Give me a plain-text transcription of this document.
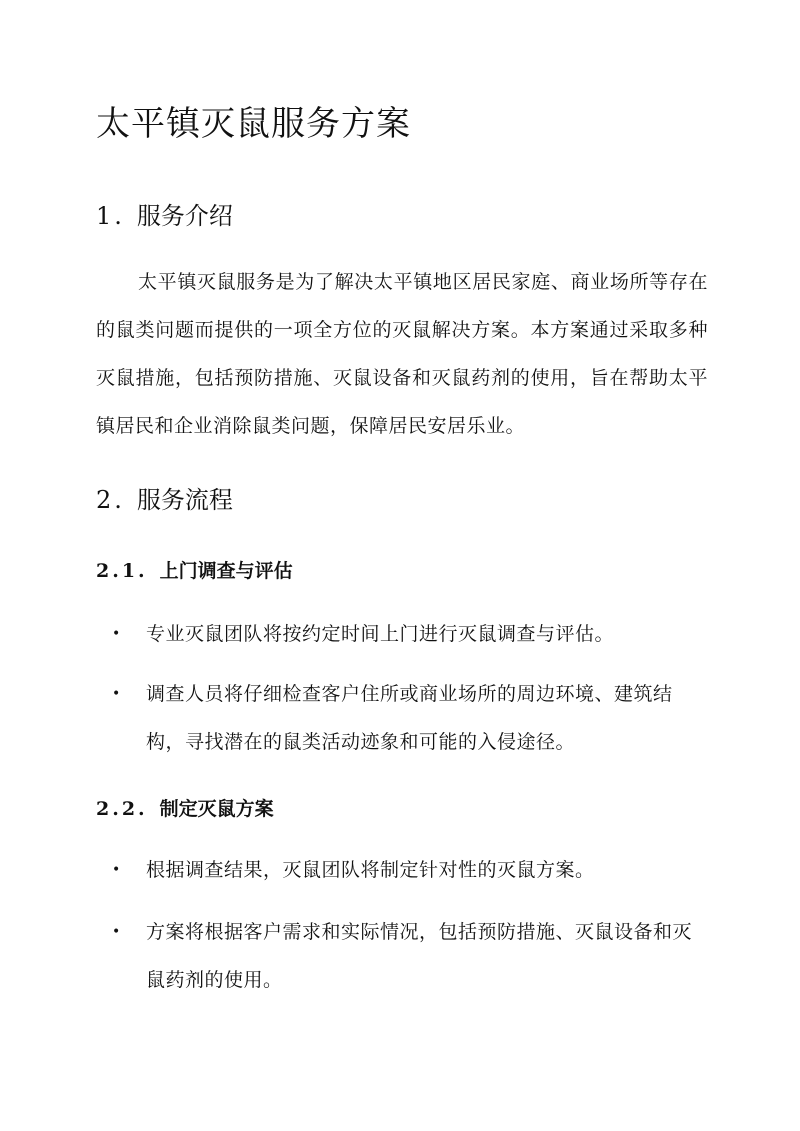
太平镇灭鼠服务方案
1. 服务介绍

太平镇灭鼠服务是为了解决太平镇地区居民家庭、商业场所等存在的鼠类问题而提供的一项全方位的灭鼠解决方案。本方案通过采取多种灭鼠措施，包括预防措施、灭鼠设备和灭鼠药剂的使用，旨在帮助太平镇居民和企业消除鼠类问题，保障居民安居乐业。

2. 服务流程
2.1. 上门调查与评估
• 专业灭鼠团队将按约定时间上门进行灭鼠调查与评估。
• 调查人员将仔细检查客户住所或商业场所的周边环境、建筑结构，寻找潜在的鼠类活动迹象和可能的入侵途径。
2.2. 制定灭鼠方案
• 根据调查结果，灭鼠团队将制定针对性的灭鼠方案。
• 方案将根据客户需求和实际情况，包括预防措施、灭鼠设备和灭鼠药剂的使用。
